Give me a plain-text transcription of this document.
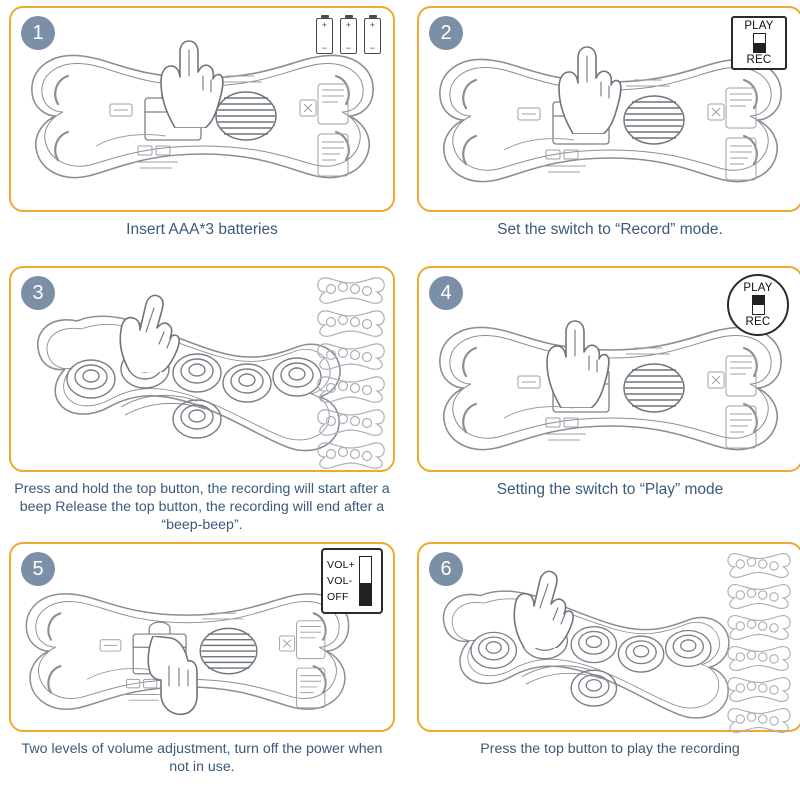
1	+
−
+
−
+
−
Insert AAA*3 batteries
2	PLAY
REC
Set the switch to “Record” mode.
3
Press and hold the top button, the recording will start after a beep Release the top button, the recording will end after a “beep-beep”.
4	PLAY
REC
Setting the switch to “Play” mode
5	VOL+
VOL-
OFF
Two levels of volume adjustment, turn off the power when not in use.
6
Press the top button to play the recording
